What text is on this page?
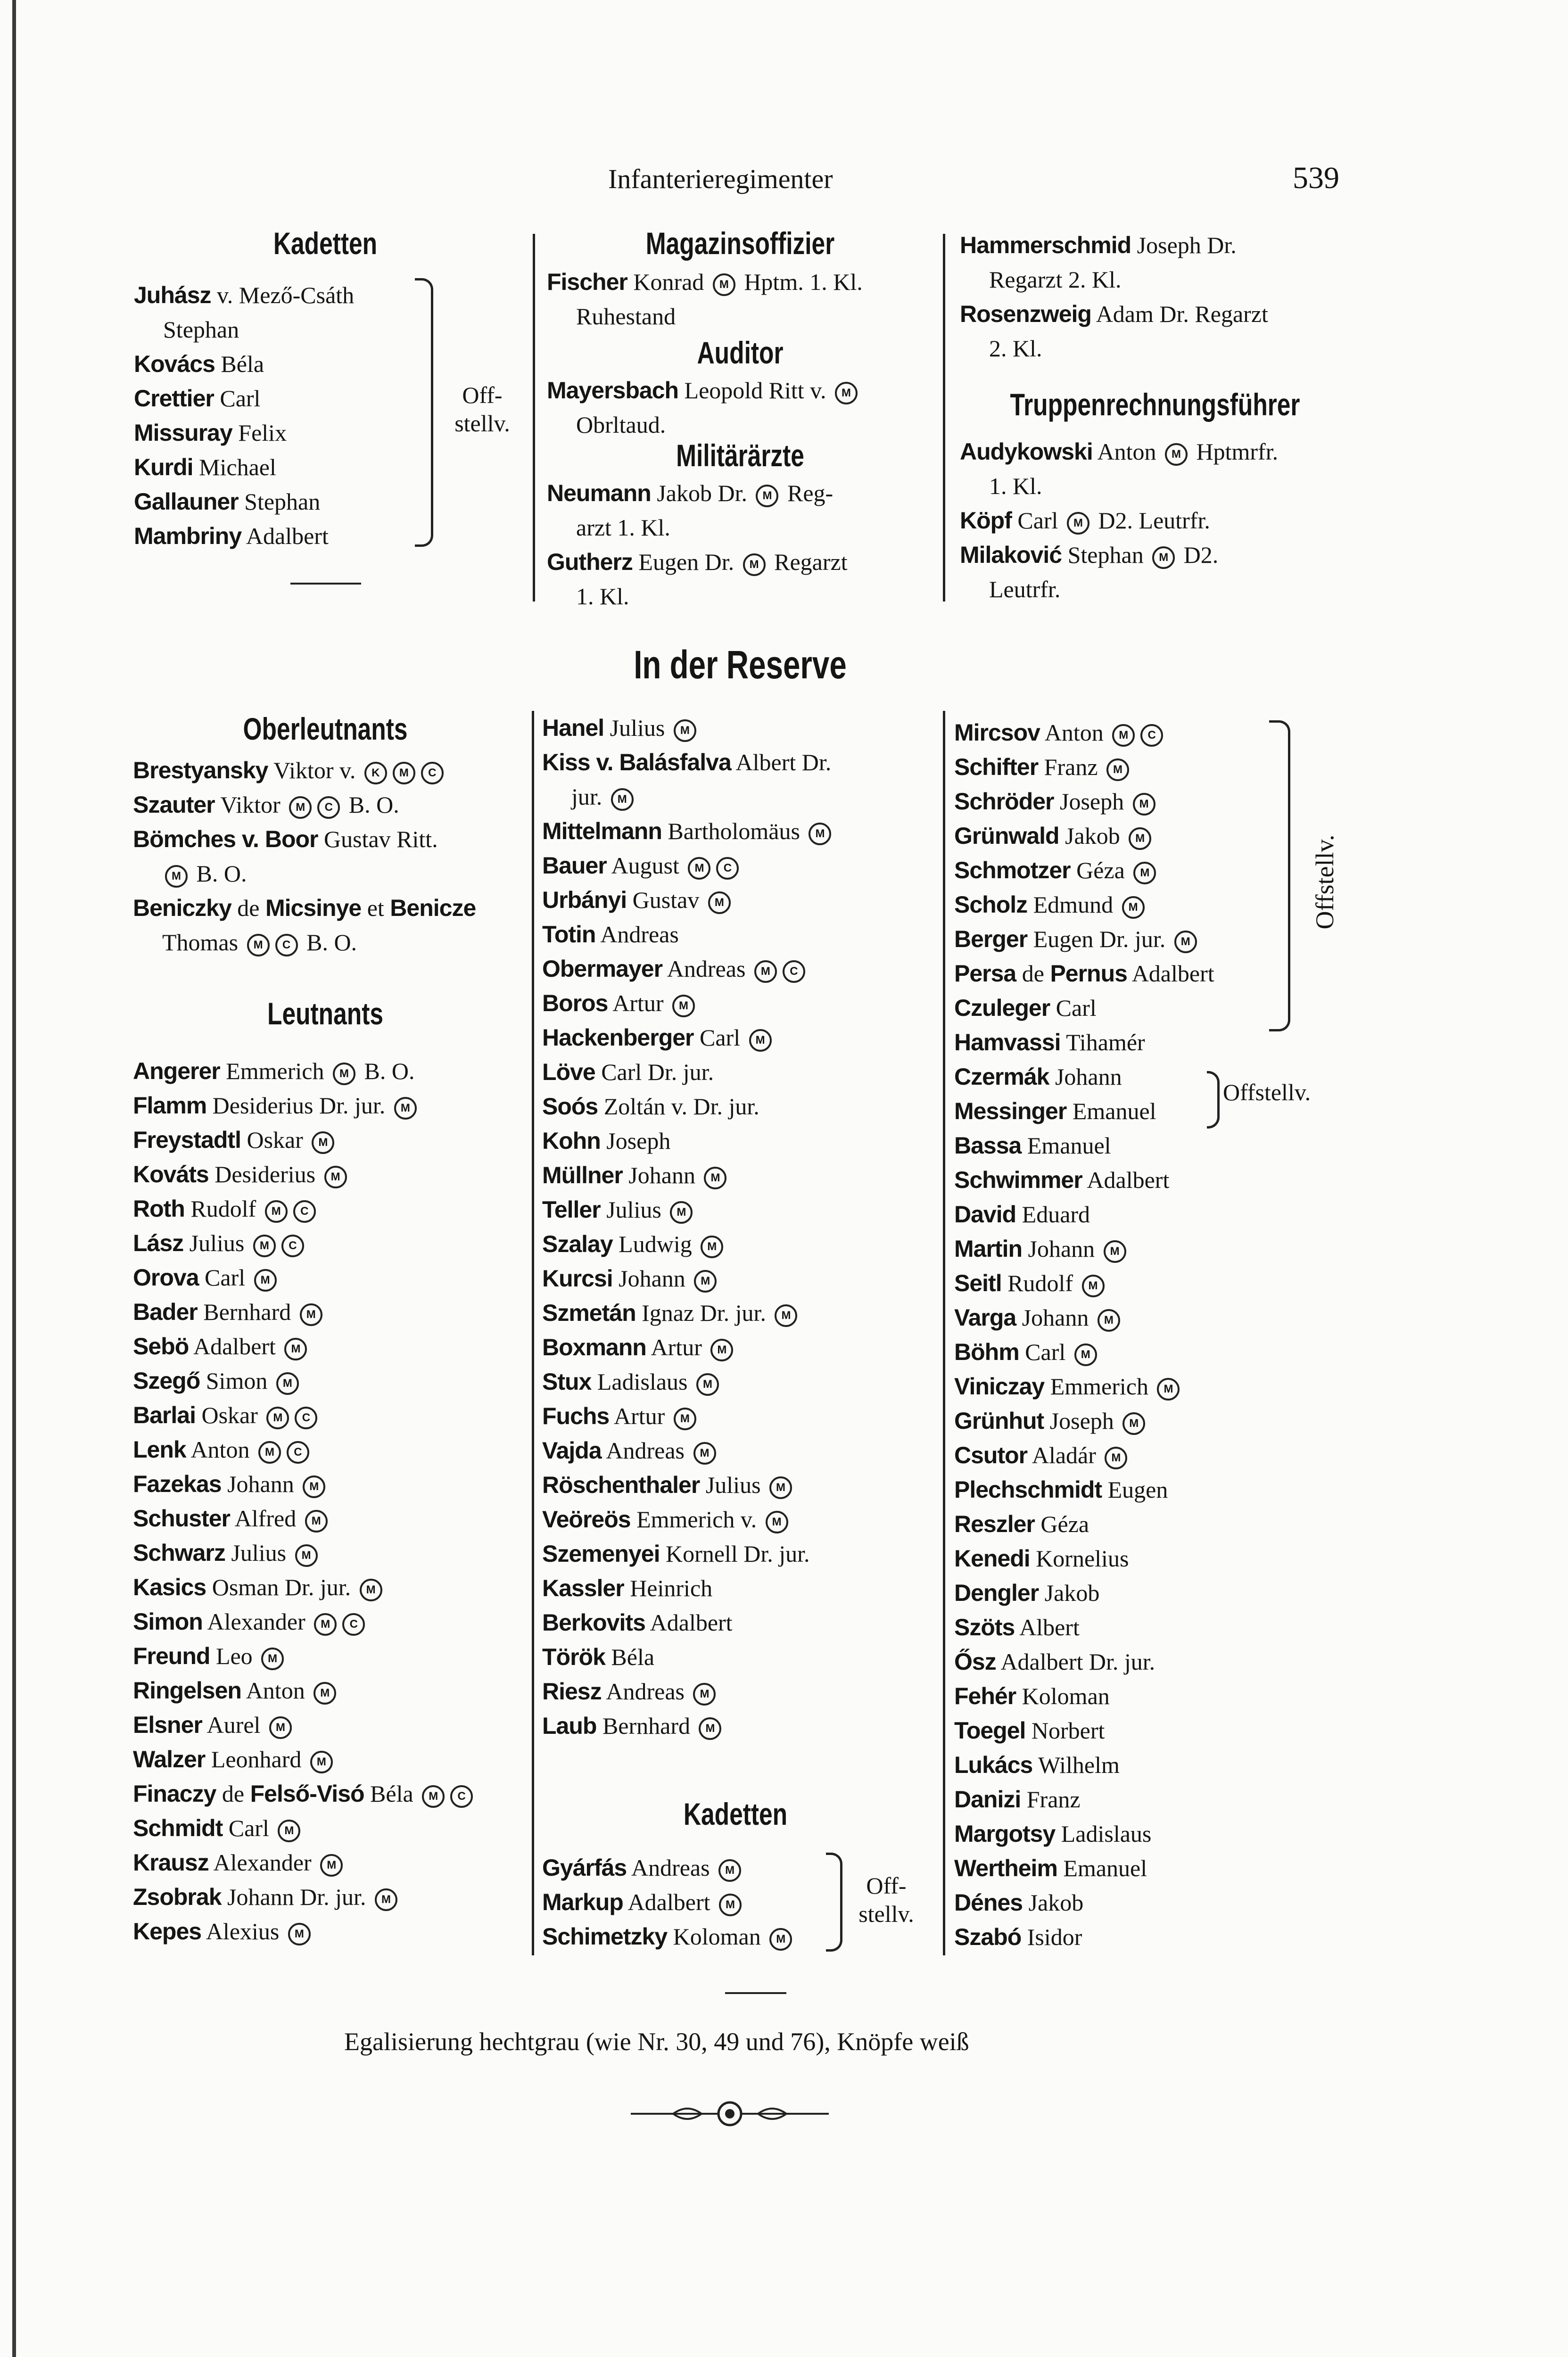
Infanterieregimenter	539
Kadetten
Juhász v. Mező-Csáth
Stephan
Kovács Béla
Crettier Carl
Missuray Felix
Kurdi Michael
Gallauner Stephan
Mambriny Adalbert
Off-
stellv.
Magazinsoffizier
Fischer Konrad M Hptm. 1. Kl.
Ruhestand
Auditor
Mayersbach Leopold Ritt v. M
Obrltaud.
Militärärzte
Neumann Jakob Dr. M Reg-
arzt 1. Kl.
Gutherz Eugen Dr. M Regarzt
1. Kl.
Hammerschmid Joseph Dr.
Regarzt 2. Kl.
Rosenzweig Adam Dr. Regarzt
2. Kl.
Truppenrechnungsführer
Audykowski Anton M Hptmrfr.
1. Kl.
Köpf Carl M D2. Leutrfr.
Milaković Stephan M D2.
Leutrfr.
In der Reserve
Oberleutnants
Brestyansky Viktor v. K M C
Szauter Viktor M C B. O.
Bömches v. Boor Gustav Ritt.
M B. O.
Beniczky de Micsinye et Benicze
Thomas M C B. O.
Leutnants
Angerer Emmerich M B. O.
Flamm Desiderius Dr. jur. M
Freystadtl Oskar M
Kováts Desiderius M
Roth Rudolf M C
Lász Julius M C
Orova Carl M
Bader Bernhard M
Sebö Adalbert M
Szegő Simon M
Barlai Oskar M C
Lenk Anton M C
Fazekas Johann M
Schuster Alfred M
Schwarz Julius M
Kasics Osman Dr. jur. M
Simon Alexander M C
Freund Leo M
Ringelsen Anton M
Elsner Aurel M
Walzer Leonhard M
Finaczy de Felső-Visó Béla M C
Schmidt Carl M
Krausz Alexander M
Zsobrak Johann Dr. jur. M
Kepes Alexius M
Hanel Julius M
Kiss v. Balásfalva Albert Dr.
jur. M
Mittelmann Bartholomäus M
Bauer August M C
Urbányi Gustav M
Totin Andreas
Obermayer Andreas M C
Boros Artur M
Hackenberger Carl M
Löve Carl Dr. jur.
Soós Zoltán v. Dr. jur.
Kohn Joseph
Müllner Johann M
Teller Julius M
Szalay Ludwig M
Kurcsi Johann M
Szmetán Ignaz Dr. jur. M
Boxmann Artur M
Stux Ladislaus M
Fuchs Artur M
Vajda Andreas M
Röschenthaler Julius M
Veöreös Emmerich v. M
Szemenyei Kornell Dr. jur.
Kassler Heinrich
Berkovits Adalbert
Török Béla
Riesz Andreas M
Laub Bernhard M
Kadetten
Gyárfás Andreas M
Markup Adalbert M
Schimetzky Koloman M
Off-
stellv.
Mircsov Anton M C
Schifter Franz M
Schröder Joseph M
Grünwald Jakob M
Schmotzer Géza M
Scholz Edmund M
Berger Eugen Dr. jur. M
Persa de Pernus Adalbert
Czuleger Carl
Hamvassi Tihamér
Czermák Johann
Messinger Emanuel
Bassa Emanuel
Schwimmer Adalbert
David Eduard
Martin Johann M
Seitl Rudolf M
Varga Johann M
Böhm Carl M
Viniczay Emmerich M
Grünhut Joseph M
Csutor Aladár M
Plechschmidt Eugen
Reszler Géza
Kenedi Kornelius
Dengler Jakob
Szöts Albert
Ősz Adalbert Dr. jur.
Fehér Koloman
Toegel Norbert
Lukács Wilhelm
Danizi Franz
Margotsy Ladislaus
Wertheim Emanuel
Dénes Jakob
Szabó Isidor
Offstellv.
Offstellv.
Egalisierung hechtgrau (wie Nr. 30, 49 und 76), Knöpfe weiß
